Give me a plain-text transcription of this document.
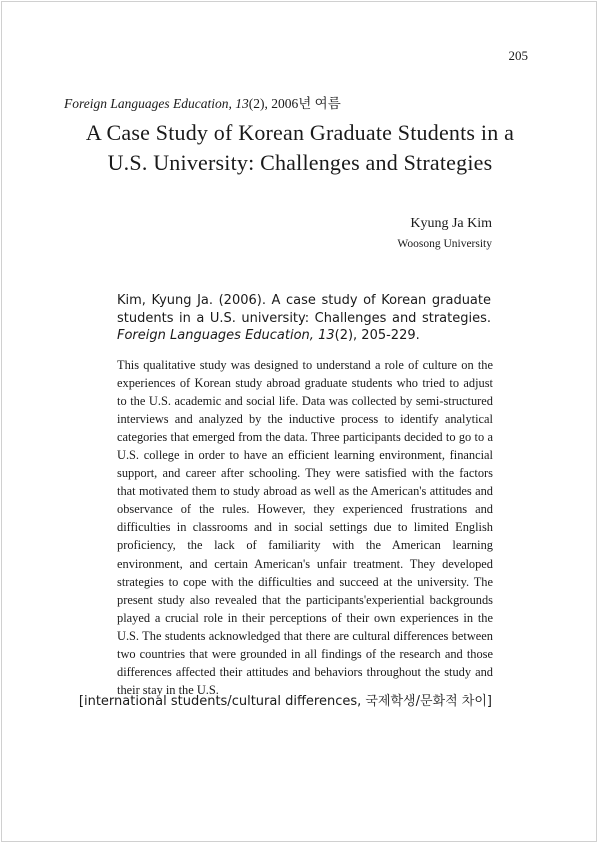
205
Foreign Languages Education, 13(2), 2006년 여름
A Case Study of Korean Graduate Students in a
U.S. University: Challenges and Strategies
Kyung Ja Kim
Woosong University
Kim, Kyung Ja. (2006). A case study of Korean graduate students in a U.S. university: Challenges and strategies. Foreign Languages Education, 13(2), 205-229.
This qualitative study was designed to understand a role of culture on the experiences of Korean study abroad graduate students who tried to adjust to the U.S. academic and social life. Data was collected by semi-structured interviews and analyzed by the inductive process to identify analytical categories that emerged from the data. Three participants decided to go to a U.S. college in order to have an efficient learning environment, financial support, and career after schooling. They were satisfied with the factors that motivated them to study abroad as well as the American's attitudes and observance of the rules. However, they experienced frustrations and difficulties in classrooms and in social settings due to limited English proficiency, the lack of familiarity with the American learning environment, and certain American's unfair treatment. They developed strategies to cope with the difficulties and succeed at the university. The present study also revealed that the participants'experiential backgrounds played a crucial role in their perceptions of their own experiences in the U.S. The students acknowledged that there are cultural differences between two countries that were grounded in all findings of the research and those differences affected their attitudes and behaviors throughout the study and their stay in the U.S.
[international students/cultural differences, 국제학생/문화적 차이]
